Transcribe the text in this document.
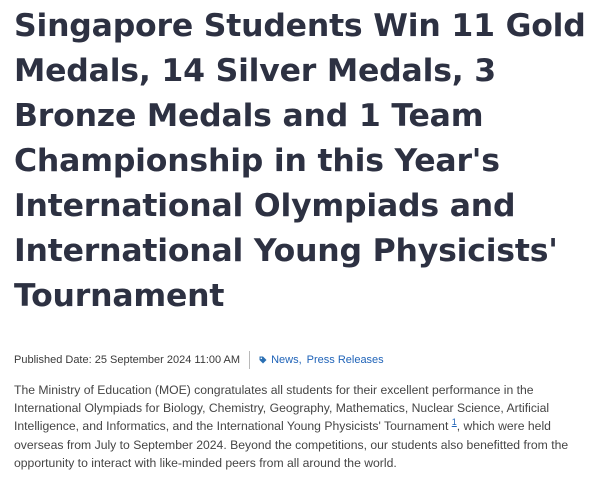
Singapore Students Win 11 Gold Medals, 14 Silver Medals, 3 Bronze Medals and 1 Team Championship in this Year's International Olympiads and International Young Physicists' Tournament
Published Date: 25 September 2024 11:00 AM	News , Press Releases

The Ministry of Education (MOE) congratulates all students for their excellent performance in the International Olympiads for Biology, Chemistry, Geography, Mathematics, Nuclear Science, Artificial Intelligence, and Informatics, and the International Young Physicists' Tournament $^1$, which were held overseas from July to September 2024. Beyond the competitions, our students also benefitted from the opportunity to interact with like-minded peers from all around the world.
